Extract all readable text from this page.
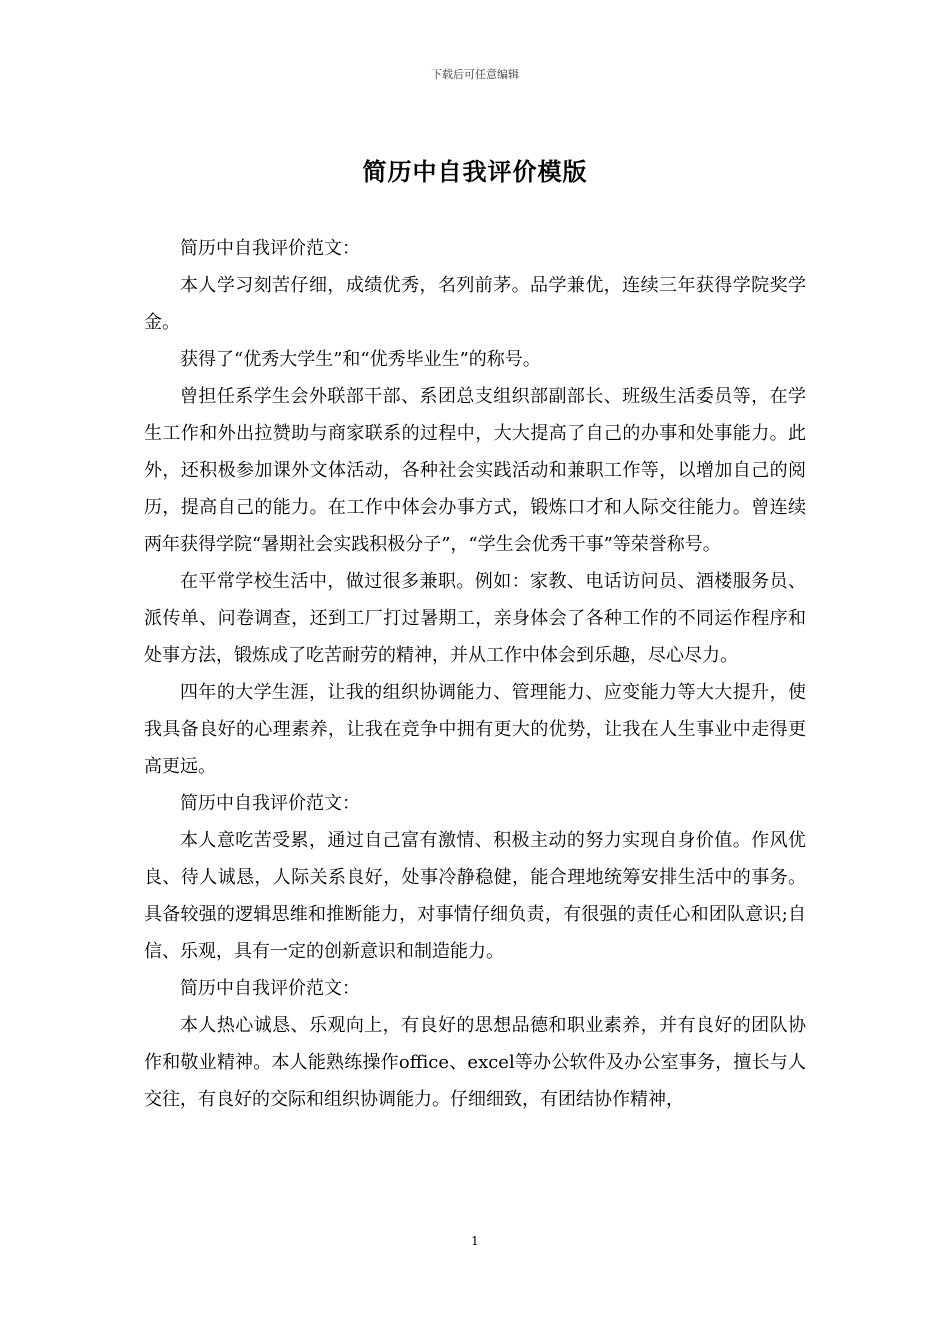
下载后可任意编辑
简历中自我评价模版

简历中自我评价范文：

本人学习刻苦仔细，成绩优秀，名列前茅。品学兼优，连续三年获得学院奖学金。

获得了“优秀大学生”和“优秀毕业生”的称号。

曾担任系学生会外联部干部、系团总支组织部副部长、班级生活委员等，在学生工作和外出拉赞助与商家联系的过程中，大大提高了自己的办事和处事能力。此外，还积极参加课外文体活动，各种社会实践活动和兼职工作等，以增加自己的阅历，提高自己的能力。在工作中体会办事方式，锻炼口才和人际交往能力。曾连续两年获得学院“暑期社会实践积极分子”，“学生会优秀干事”等荣誉称号。

在平常学校生活中，做过很多兼职。例如：家教、电话访问员、酒楼服务员、派传单、问卷调查，还到工厂打过暑期工，亲身体会了各种工作的不同运作程序和处事方法，锻炼成了吃苦耐劳的精神，并从工作中体会到乐趣，尽心尽力。

四年的大学生涯，让我的组织协调能力、管理能力、应变能力等大大提升，使我具备良好的心理素养，让我在竞争中拥有更大的优势，让我在人生事业中走得更高更远。

简历中自我评价范文：

本人意吃苦受累，通过自己富有激情、积极主动的努力实现自身价值。作风优良、待人诚恳，人际关系良好，处事冷静稳健，能合理地统筹安排生活中的事务。具备较强的逻辑思维和推断能力，对事情仔细负责，有很强的责任心和团队意识;自信、乐观，具有一定的创新意识和制造能力。

简历中自我评价范文：

本人热心诚恳、乐观向上，有良好的思想品德和职业素养，并有良好的团队协作和敬业精神。本人能熟练操作office、excel等办公软件及办公室事务，擅长与人交往，有良好的交际和组织协调能力。仔细细致，有团结协作精神，

1
